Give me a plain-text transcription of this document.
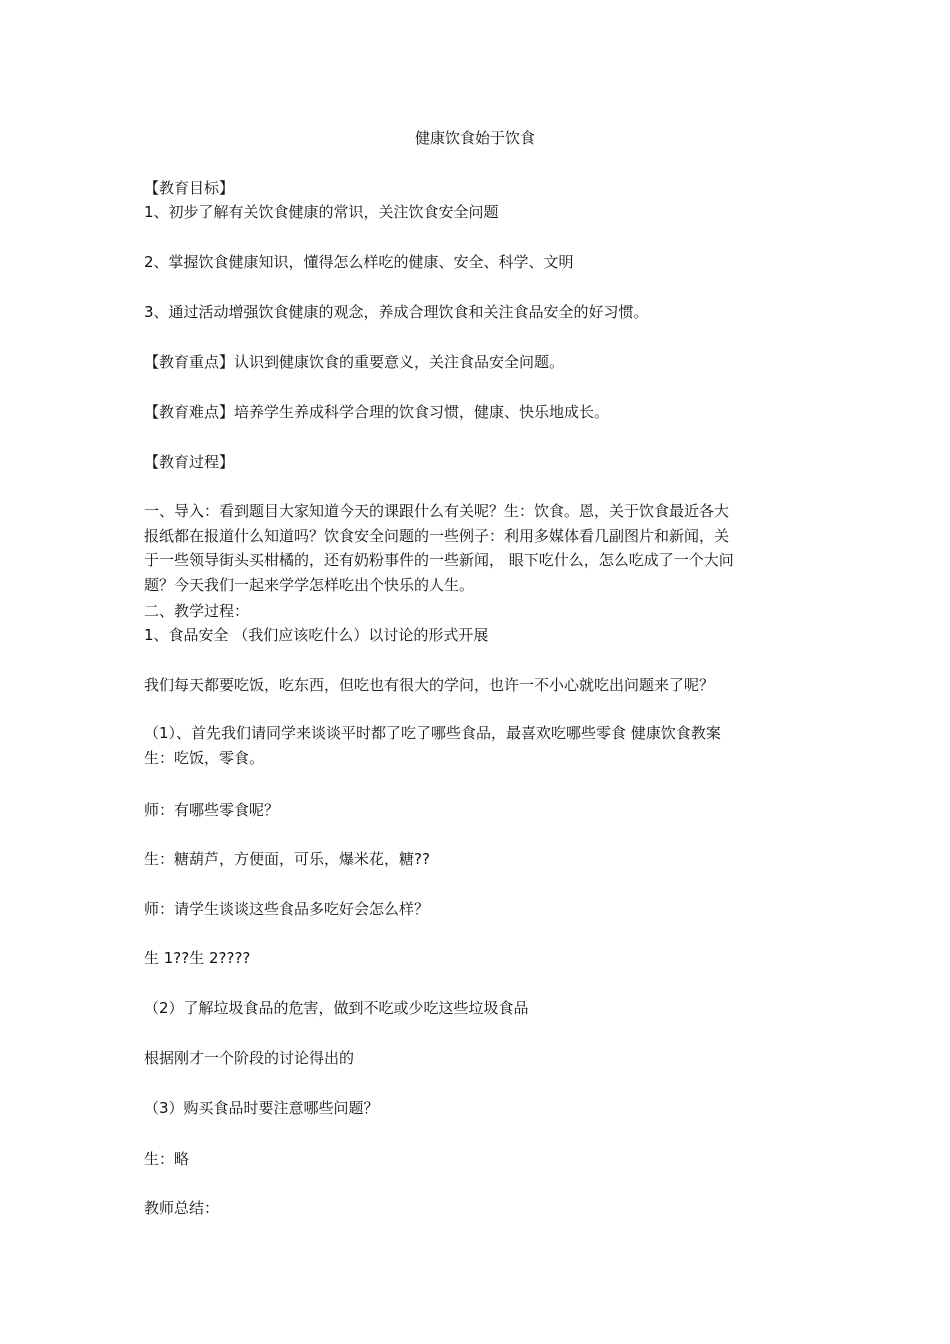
健康饮食始于饮食
【教育目标】
1、初步了解有关饮食健康的常识，关注饮食安全问题
2、掌握饮食健康知识，懂得怎么样吃的健康、安全、科学、文明
3、通过活动增强饮食健康的观念，养成合理饮食和关注食品安全的好习惯。
【教育重点】认识到健康饮食的重要意义，关注食品安全问题。
【教育难点】培养学生养成科学合理的饮食习惯，健康、快乐地成长。
【教育过程】
一、导入：看到题目大家知道今天的课跟什么有关呢？生：饮食。恩，关于饮食最近各大
报纸都在报道什么知道吗？饮食安全问题的一些例子：利用多媒体看几副图片和新闻，关
于一些领导街头买柑橘的，还有奶粉事件的一些新闻， 眼下吃什么，怎么吃成了一个大问
题？今天我们一起来学学怎样吃出个快乐的人生。
二、教学过程：
1、食品安全 （我们应该吃什么）以讨论的形式开展
我们每天都要吃饭，吃东西，但吃也有很大的学问，也许一不小心就吃出问题来了呢？
（1）、首先我们请同学来谈谈平时都了吃了哪些食品，最喜欢吃哪些零食 健康饮食教案
生：吃饭，零食。
师：有哪些零食呢？
生：糖葫芦，方便面，可乐，爆米花，糖??
师：请学生谈谈这些食品多吃好会怎么样？
生 1??生 2????
（2）了解垃圾食品的危害，做到不吃或少吃这些垃圾食品
根据刚才一个阶段的讨论得出的
（3）购买食品时要注意哪些问题？
生：略
教师总结：
